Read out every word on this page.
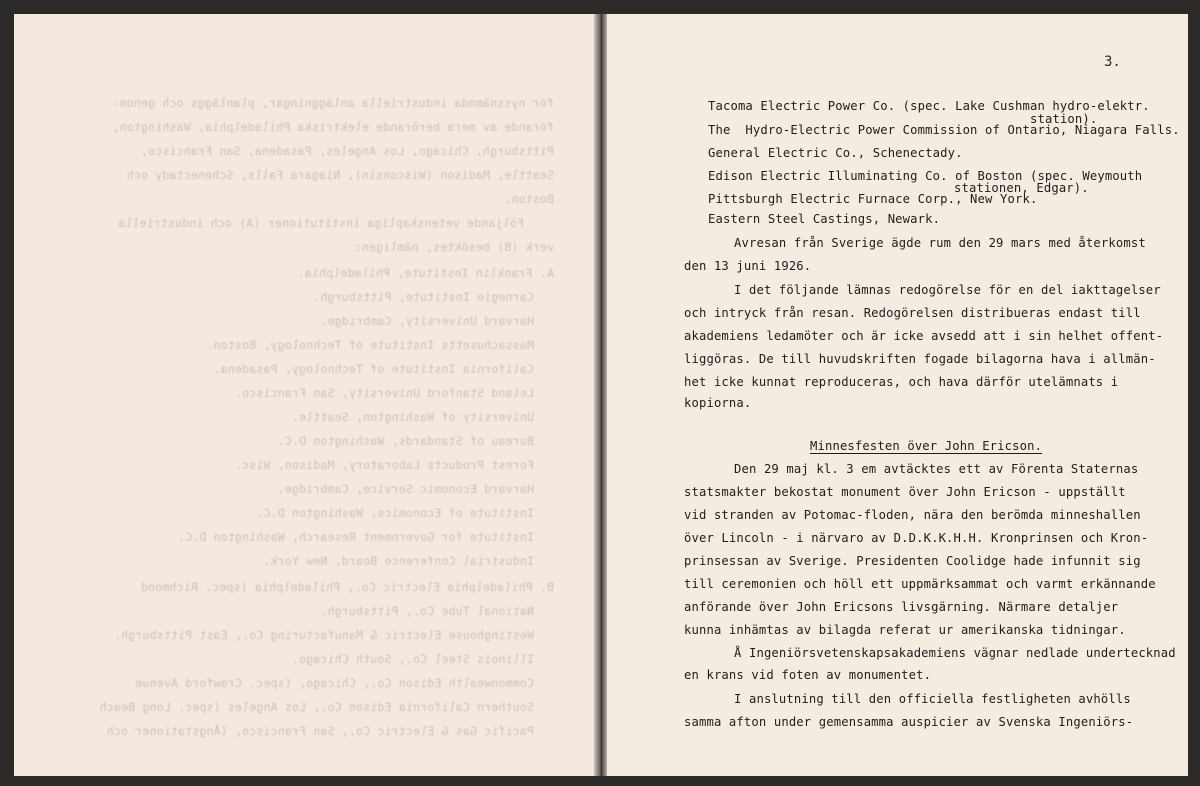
för nyssnämnda industriella anläggningar, planläggs och genom-
förande av mera berörande elektriska Philadelphia, Washington,
Pittsburgh, Chicago, Los Angeles, Pasadena, San Francisco,
Seattle, Madison (Wisconsin), Niagara Falls, Schenectady och
Boston.
Följande vetenskapliga institutioner (A) och industriella
verk (B) besöktes, nämligen:
A. Franklin Institute, Philadelphia.
Carnegie Institute, Pittsburgh.
Harvard University, Cambridge.
Massachusetts Institute of Technology, Boston.
California Institute of Technology, Pasadena.
Leland Stanford University, San Francisco.
University of Washington, Seattle.
Bureau of Standards, Washington D.C.
Forest Products Laboratory, Madison, Wisc.
Harvard Economic Service, Cambridge.
Institute of Economics, Washington D.C.
Institute for Government Research, Washington D.C.
Industrial Conference Board, New York.
B. Philadelphia Electric Co., Philadelphia (spec. Richmond
National Tube Co., Pittsburgh.
Westinghouse Electric & Manufacturing Co., East Pittsburgh.
Illinois Steel Co., South Chicago.
Commonwealth Edison Co., Chicago, (spec. Crawford Avenue
Southern California Edison Co., Los Angeles (spec. Long Beach
Pacific Gas & Electric Co., San Francisco, (Ångstationer och
3.
Tacoma Electric Power Co. (spec. Lake Cushman hydro-elektr.
station).
The  Hydro-Electric Power Commission of Ontario, Niagara Falls.
General Electric Co., Schenectady.
Edison Electric Illuminating Co. of Boston (spec. Weymouth
stationen, Edgar).
Pittsburgh Electric Furnace Corp., New York.
Eastern Steel Castings, Newark.
Avresan från Sverige ägde rum den 29 mars med återkomst
den 13 juni 1926.
I det följande lämnas redogörelse för en del iakttagelser
och intryck från resan. Redogörelsen distribueras endast till
akademiens ledamöter och är icke avsedd att i sin helhet offent-
liggöras. De till huvudskriften fogade bilagorna hava i allmän-
het icke kunnat reproduceras, och hava därför utelämnats i
kopiorna.
Minnesfesten över John Ericson.
Den 29 maj kl. 3 em avtäcktes ett av Förenta Staternas
statsmakter bekostat monument över John Ericson - uppställt
vid stranden av Potomac-floden, nära den berömda minneshallen
över Lincoln - i närvaro av D.D.K.K.H.H. Kronprinsen och Kron-
prinsessan av Sverige. Presidenten Coolidge hade infunnit sig
till ceremonien och höll ett uppmärksammat och varmt erkännande
anförande över John Ericsons livsgärning. Närmare detaljer
kunna inhämtas av bilagda referat ur amerikanska tidningar.
Å Ingeniörsvetenskapsakademiens vägnar nedlade undertecknad
en krans vid foten av monumentet.
I anslutning till den officiella festligheten avhölls
samma afton under gemensamma auspicier av Svenska Ingeniörs-
